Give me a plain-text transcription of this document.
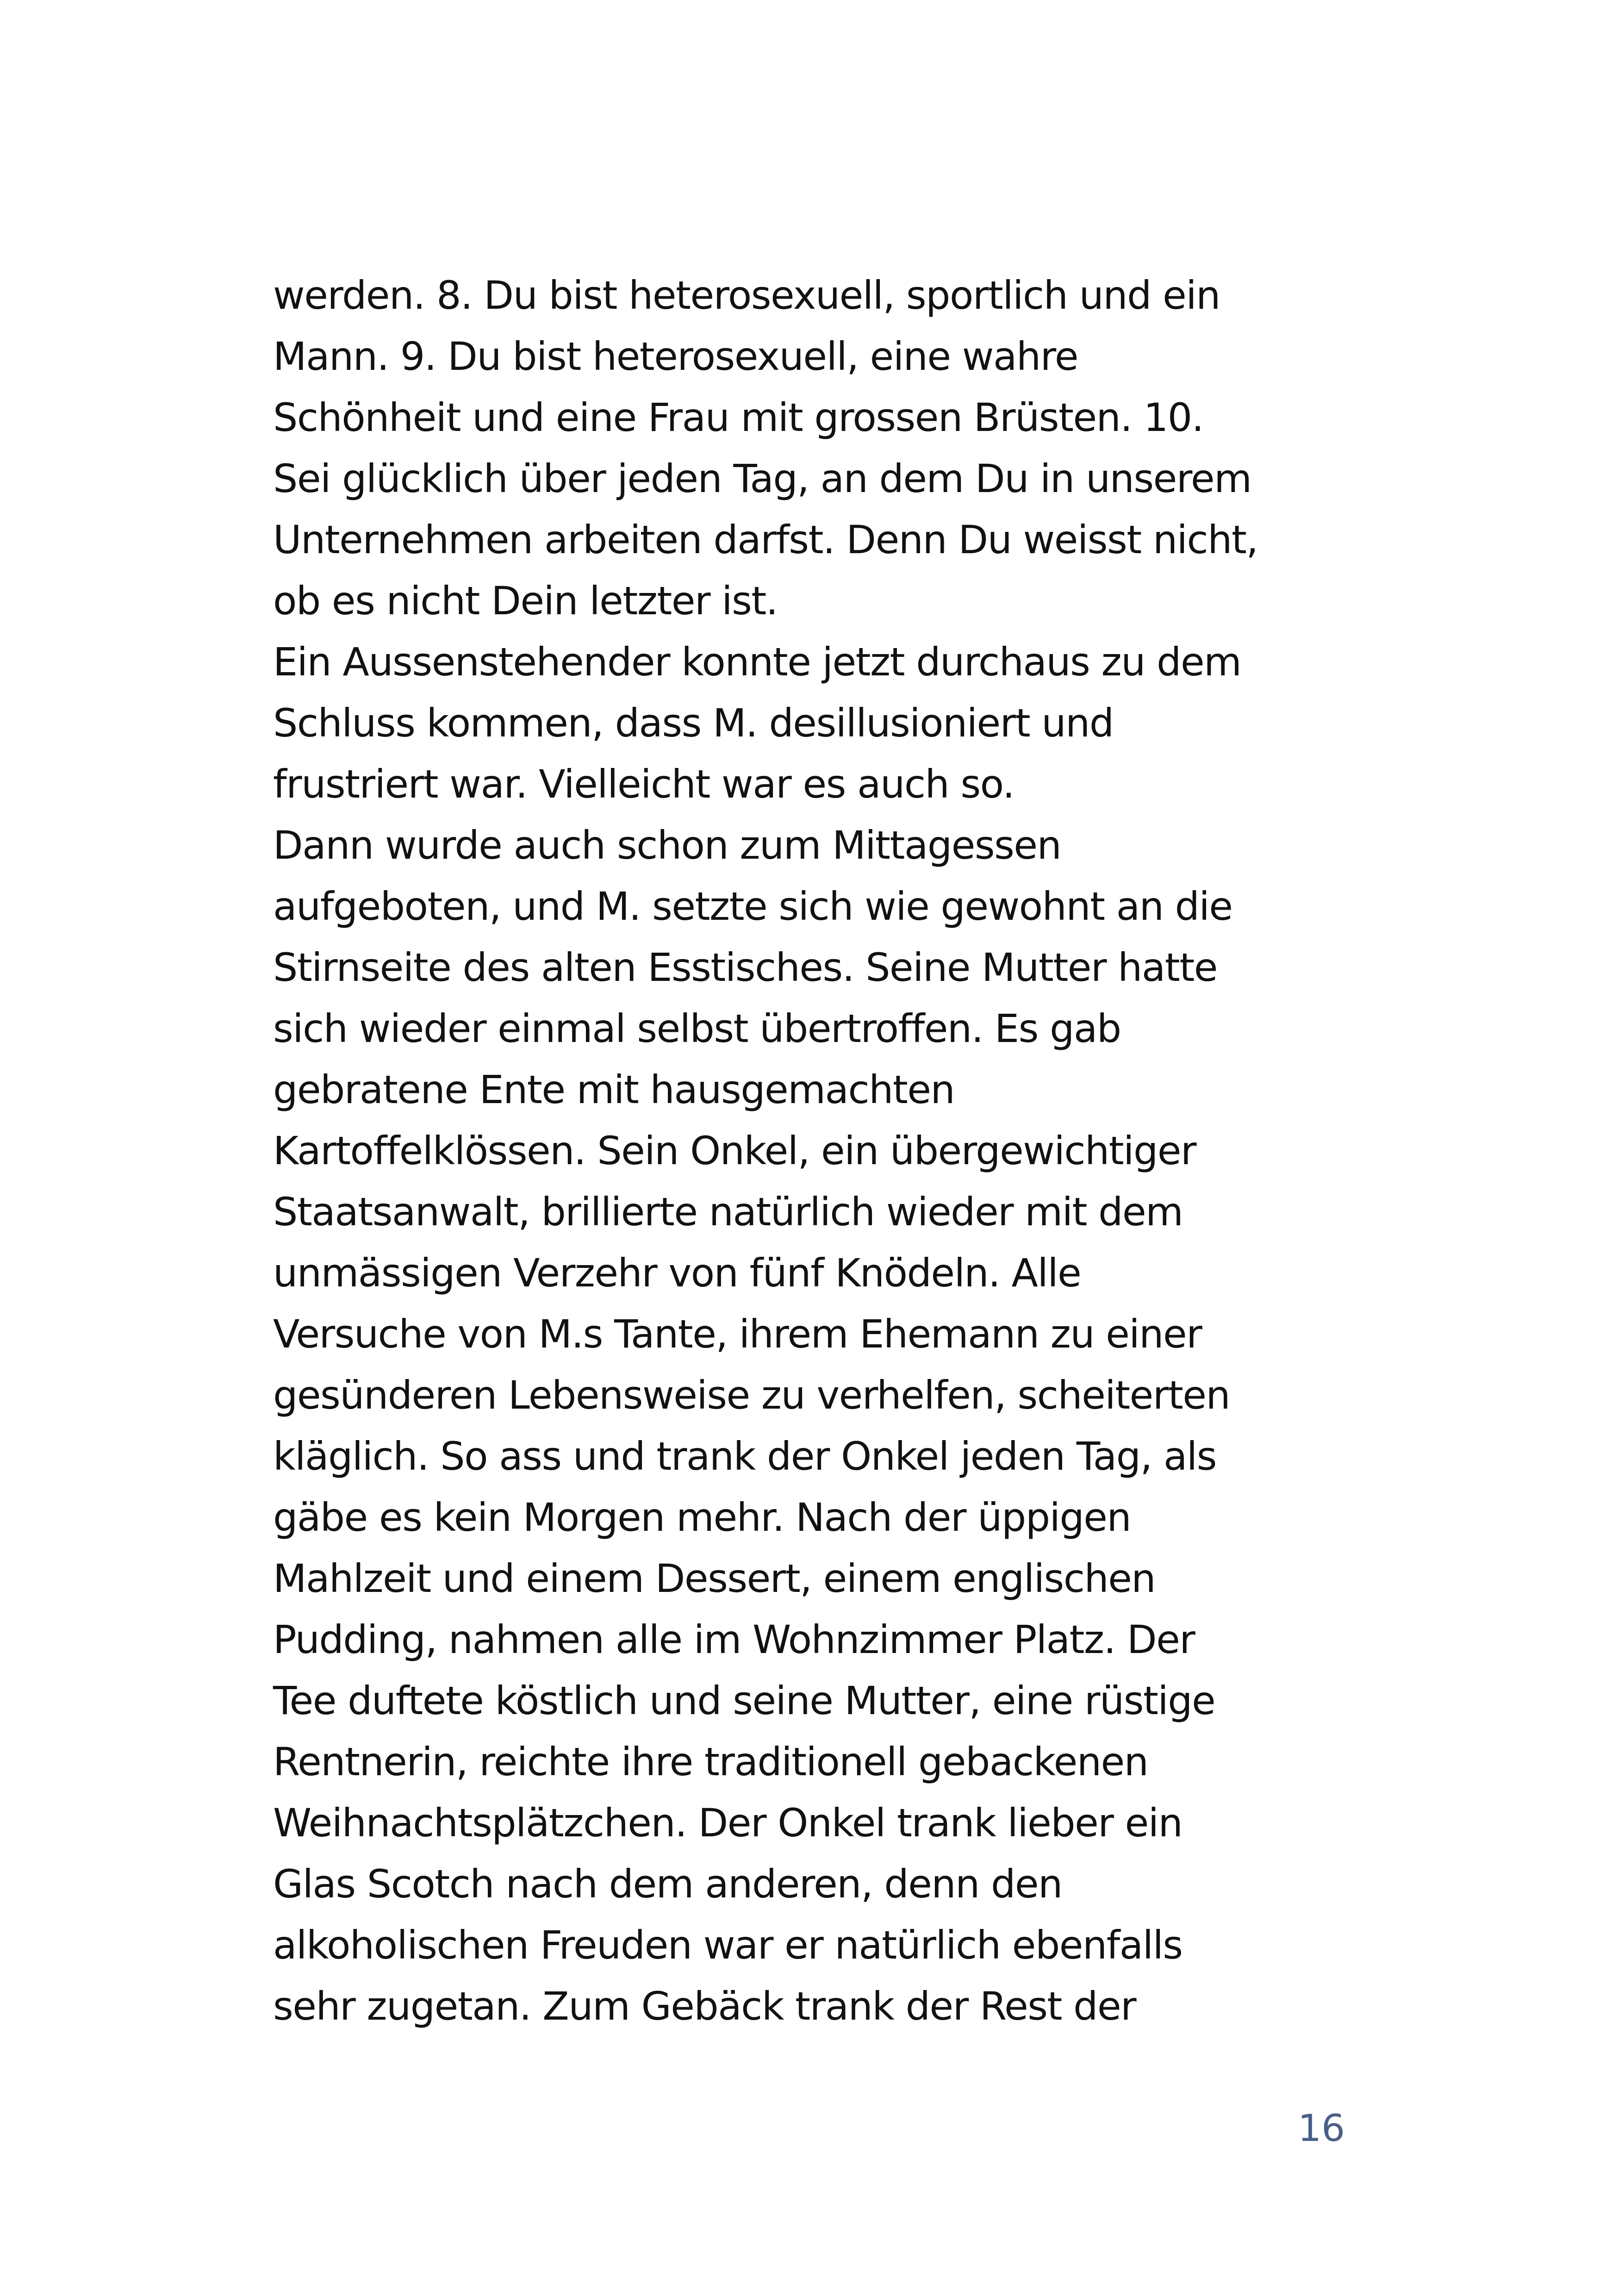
werden. 8. Du bist heterosexuell, sportlich und ein
Mann. 9. Du bist heterosexuell, eine wahre
Schönheit und eine Frau mit grossen Brüsten. 10.
Sei glücklich über jeden Tag, an dem Du in unserem
Unternehmen arbeiten darfst. Denn Du weisst nicht,
ob es nicht Dein letzter ist.
Ein Aussenstehender konnte jetzt durchaus zu dem
Schluss kommen, dass M. desillusioniert und
frustriert war. Vielleicht war es auch so.
Dann wurde auch schon zum Mittagessen
aufgeboten, und M. setzte sich wie gewohnt an die
Stirnseite des alten Esstisches. Seine Mutter hatte
sich wieder einmal selbst übertroffen. Es gab
gebratene Ente mit hausgemachten
Kartoffelklössen. Sein Onkel, ein übergewichtiger
Staatsanwalt, brillierte natürlich wieder mit dem
unmässigen Verzehr von fünf Knödeln. Alle
Versuche von M.s Tante, ihrem Ehemann zu einer
gesünderen Lebensweise zu verhelfen, scheiterten
kläglich. So ass und trank der Onkel jeden Tag, als
gäbe es kein Morgen mehr. Nach der üppigen
Mahlzeit und einem Dessert, einem englischen
Pudding, nahmen alle im Wohnzimmer Platz. Der
Tee duftete köstlich und seine Mutter, eine rüstige
Rentnerin, reichte ihre traditionell gebackenen
Weihnachtsplätzchen. Der Onkel trank lieber ein
Glas Scotch nach dem anderen, denn den
alkoholischen Freuden war er natürlich ebenfalls
sehr zugetan. Zum Gebäck trank der Rest der
16
